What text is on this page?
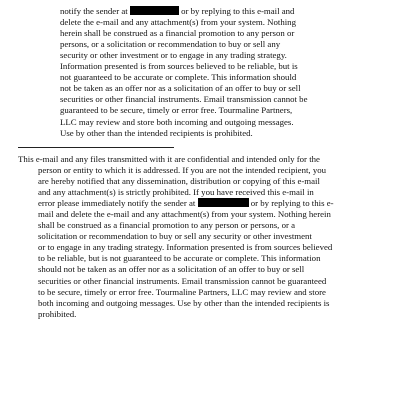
notify the sender at	or by replying to this e-mail and
delete the e-mail and any attachment(s) from your system. Nothing
herein shall be construed as a financial promotion to any person or
persons, or a solicitation or recommendation to buy or sell any
security or other investment or to engage in any trading strategy.
Information presented is from sources believed to be reliable, but is
not guaranteed to be accurate or complete. This information should
not be taken as an offer nor as a solicitation of an offer to buy or sell
securities or other financial instruments. Email transmission cannot be
guaranteed to be secure, timely or error free. Tourmaline Partners,
LLC may review and store both incoming and outgoing messages.
Use by other than the intended recipients is prohibited.
This e-mail and any files transmitted with it are confidential and intended only for the
person or entity to which it is addressed. If you are not the intended recipient, you
are hereby notified that any dissemination, distribution or copying of this e-mail
and any attachment(s) is strictly prohibited. If you have received this e-mail in
error please immediately notify the sender at	or by replying to this e-
mail and delete the e-mail and any attachment(s) from your system. Nothing herein
shall be construed as a financial promotion to any person or persons, or a
solicitation or recommendation to buy or sell any security or other investment
or to engage in any trading strategy. Information presented is from sources believed
to be reliable, but is not guaranteed to be accurate or complete. This information
should not be taken as an offer nor as a solicitation of an offer to buy or sell
securities or other financial instruments. Email transmission cannot be guaranteed
to be secure, timely or error free. Tourmaline Partners, LLC may review and store
both incoming and outgoing messages. Use by other than the intended recipients is
prohibited.
